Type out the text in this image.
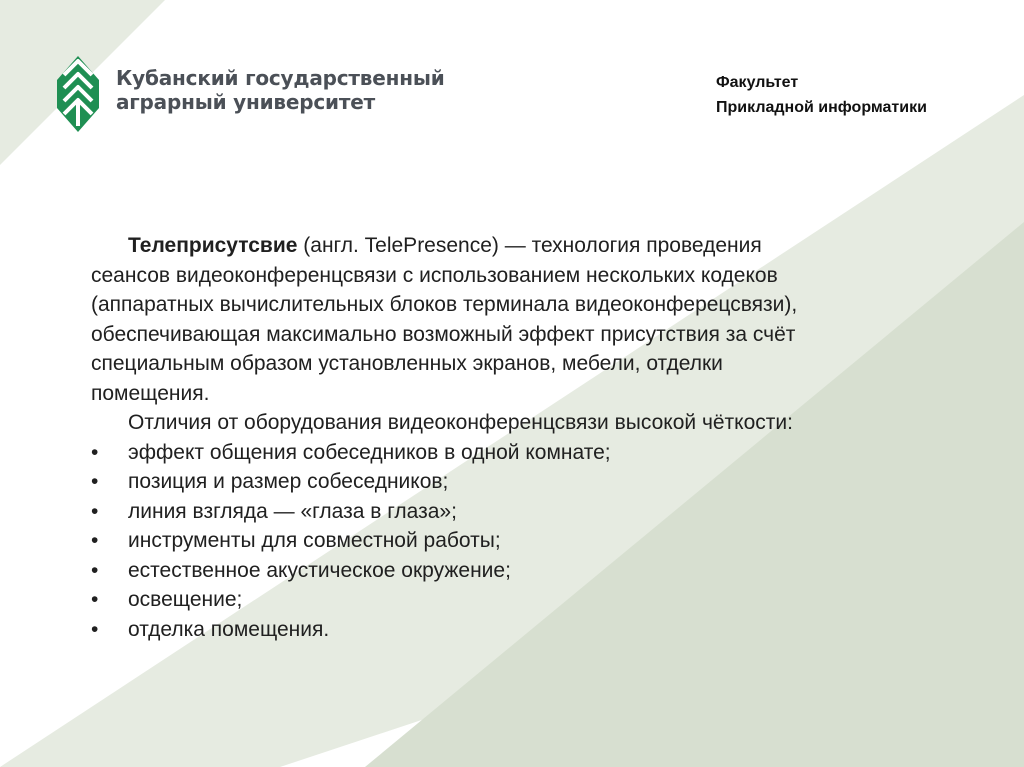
Кубанский государственный
аграрный университет
Факультет
Прикладной информатики

Телеприсутсвие (англ. TelePresence) — технология проведения
сеансов видеоконференцсвязи с использованием нескольких кодеков
(аппаратных вычислительных блоков терминала видеоконферецсвязи),
обеспечивающая максимально возможный эффект присутствия за счёт
специальным образом установленных экранов, мебели, отделки
помещения.

Отличия от оборудования видеоконференцсвязи высокой чёткости:

• эффект общения собеседников в одной комнате;
• позиция и размер собеседников;
• линия взгляда — «глаза в глаза»;
• инструменты для совместной работы;
• естественное акустическое окружение;
• освещение;
• отделка помещения.
